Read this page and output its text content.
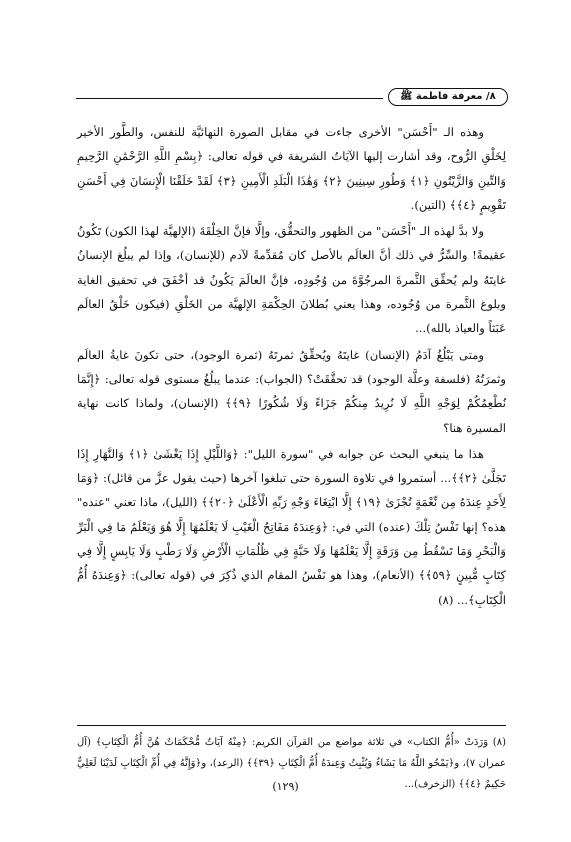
٨/ معرفة فاطمة ﷺ

وهذه الـ "أَحْسَن" الأخرى جاءت في مقابل الصورة النهائيَّة للنفس، والطَّور الأخير لِخَلْقِ الرُّوح، وقد أشارت إليها الآيَاتُ الشريفة في قوله تعالى: ﴿بِسْمِ اللَّهِ الرَّحْمَٰنِ الرَّحِيمِ وَالتِّينِ وَالزَّيْتُونِ ﴿١﴾ وَطُورِ سِينِينَ ﴿٢﴾ وَهَٰذَا الْبَلَدِ الْأَمِينِ ﴿٣﴾ لَقَدْ خَلَقْنَا الْإِنسَانَ فِي أَحْسَنِ تَقْوِيمٍ ﴿٤﴾﴾ (التين).

ولا بدَّ لهذه الـ "أَحْسَن" من الظهور والتحقُّق، وإلَّا فإنَّ الخِلْقَةَ (الإلهيَّة لهذا الكون) تَكُونُ عقيمةً! والسِّرُّ في ذلك أنَّ العالَم بالأصل كان مُقدِّمةً لآدم (للإنسان)، وإذا لم يبلُغ الإنسانُ غايتَهُ ولم يُحقِّق الثَّمرةَ المرجُوَّةَ من وُجُودِه، فإنَّ العالَمَ يَكُونُ قد أخْفَقَ في تحقيق الغاية وبلوغ الثَّمرة من وُجُوده، وهذا يعني بُطلانَ الحِكْمَةِ الإلهيَّة من الخَلْقِ (فيكون خَلْقُ العالَم عَبَثاً والعياذ بالله)...

ومتى يَبْلُغُ آدَمُ (الإنسان) غايتَهُ ويُحقِّقُ ثمرتَهُ (ثمرة الوجود)، حتى تكونَ غايةُ العالَم وثمرَتُهُ (فلسفة وعلَّة الوجود) قد تحقَّقَتْ؟ (الجواب): عندما يبلُغُ مستوى قوله تعالى: ﴿إِنَّمَا نُطْعِمُكُمْ لِوَجْهِ اللَّهِ لَا نُرِيدُ مِنكُمْ جَزَاءً وَلَا شُكُورًا ﴿٩﴾﴾ (الإنسان)، ولماذا كانت نهاية المسيرة هنا؟

هذا ما ينبغي البحث عن جوابه في "سورة الليل": ﴿وَاللَّيْلِ إِذَا يَغْشَىٰ ﴿١﴾ وَالنَّهَارِ إِذَا تَجَلَّىٰ ﴿٢﴾﴾... أستمروا في تلاوة السورة حتى تبلغوا آخرها (حيث يقول عزَّ من قائل): ﴿وَمَا لِأَحَدٍ عِندَهُ مِن نِّعْمَةٍ تُجْزَىٰ ﴿١٩﴾ إِلَّا ابْتِغَاءَ وَجْهِ رَبِّهِ الْأَعْلَىٰ ﴿٢٠﴾﴾ (الليل)، ماذا تعني "عنده" هذه؟ إنها نَفْسُ تِلْكَ (عنده) التي في: ﴿وَعِندَهُ مَفَاتِحُ الْغَيْبِ لَا يَعْلَمُهَا إِلَّا هُوَ وَيَعْلَمُ مَا فِي الْبَرِّ وَالْبَحْرِ وَمَا تَسْقُطُ مِن وَرَقَةٍ إِلَّا يَعْلَمُهَا وَلَا حَبَّةٍ فِي ظُلُمَاتِ الْأَرْضِ وَلَا رَطْبٍ وَلَا يَابِسٍ إِلَّا فِي كِتَابٍ مُّبِينٍ ﴿٥٩﴾﴾ (الأنعام)، وهذا هو نَفْسُ المقام الذي ذُكِرَ في (قوله تعالى): ﴿وَعِندَهُ أُمُّ الْكِتَابِ﴾... (٨)

(٨) وَرَدَتْ «أُمُّ الكتاب» في ثلاثة مواضع من القرآن الكريم: ﴿مِنْهُ آيَاتٌ مُّحْكَمَاتٌ هُنَّ أُمُّ الْكِتَابِ﴾ (آل عمران ٧)، و﴿يَمْحُو اللَّهُ مَا يَشَاءُ وَيُثْبِتُ وَعِندَهُ أُمُّ الْكِتَابِ ﴿٣٩﴾﴾ (الرعد)، و﴿وَإِنَّهُ فِي أُمِّ الْكِتَابِ لَدَيْنَا لَعَلِيٌّ حَكِيمٌ ﴿٤﴾﴾ (الزخرف)...
(١٢٩)
